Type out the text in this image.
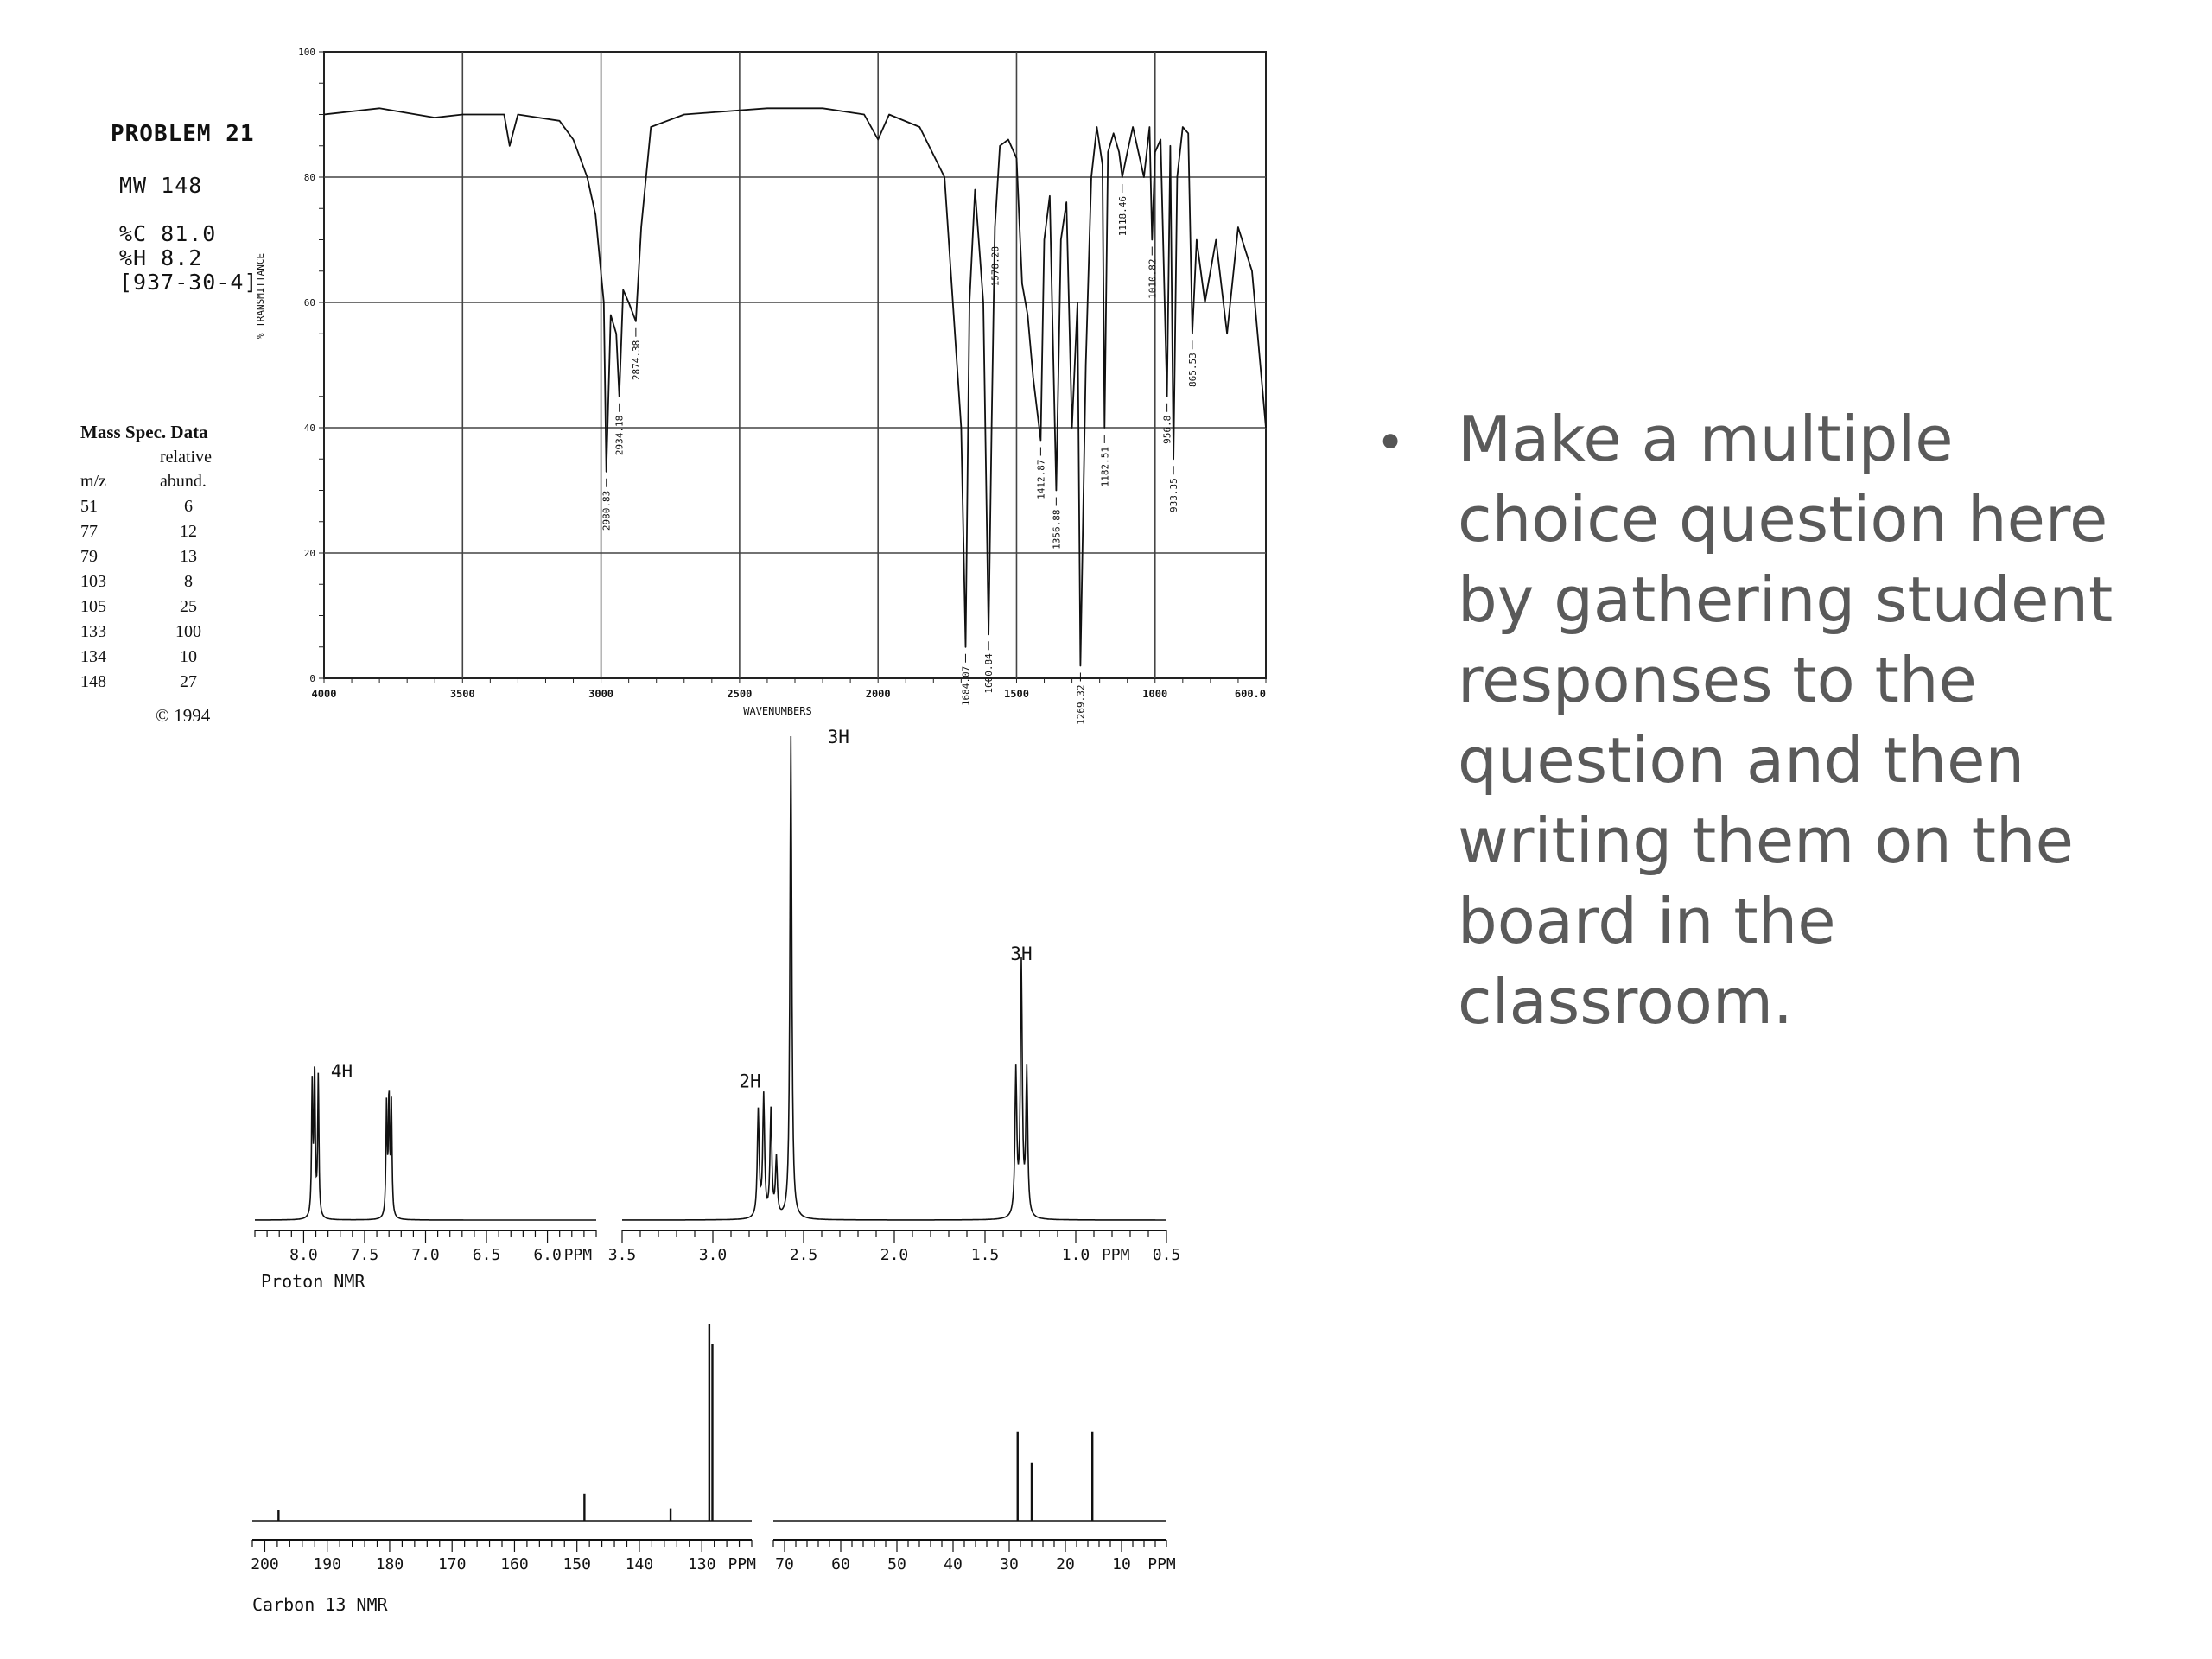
PROBLEM 21
MW 148
%C 81.0
%H 8.2
[937-30-4]
Mass Spec. Data
relative
m/z	abund.
51	6
77	12
79	13
103	8
105	25
133	100
134	10
148	27
© 1994
0
20
40
60
80
100
4000	3500	3000	2500	2000	1500	1000	600.0
WAVENUMBERS
% TRANSMITTANCE
2980.83
2934.18
2874.38
1684.07 1600.84
1578.28
1412.87
1356.88
1269.32
1182.51
1118.46
1010.82
956.8
933.35
865.53
8.0 7.5 7.0 6.5 6.0	3.5	3.0	2.5	2.0	1.5	1.0	0.5
PPM	PPM
Proton NMR
4H	2H
3H
3H
200 190 180 170 160 150 140 130 PPM 70 60 50 40 30 20 10 PPM
Carbon 13 NMR
• Make a multiple choice question here by gathering student responses to the question and then writing them on the board in the classroom.
